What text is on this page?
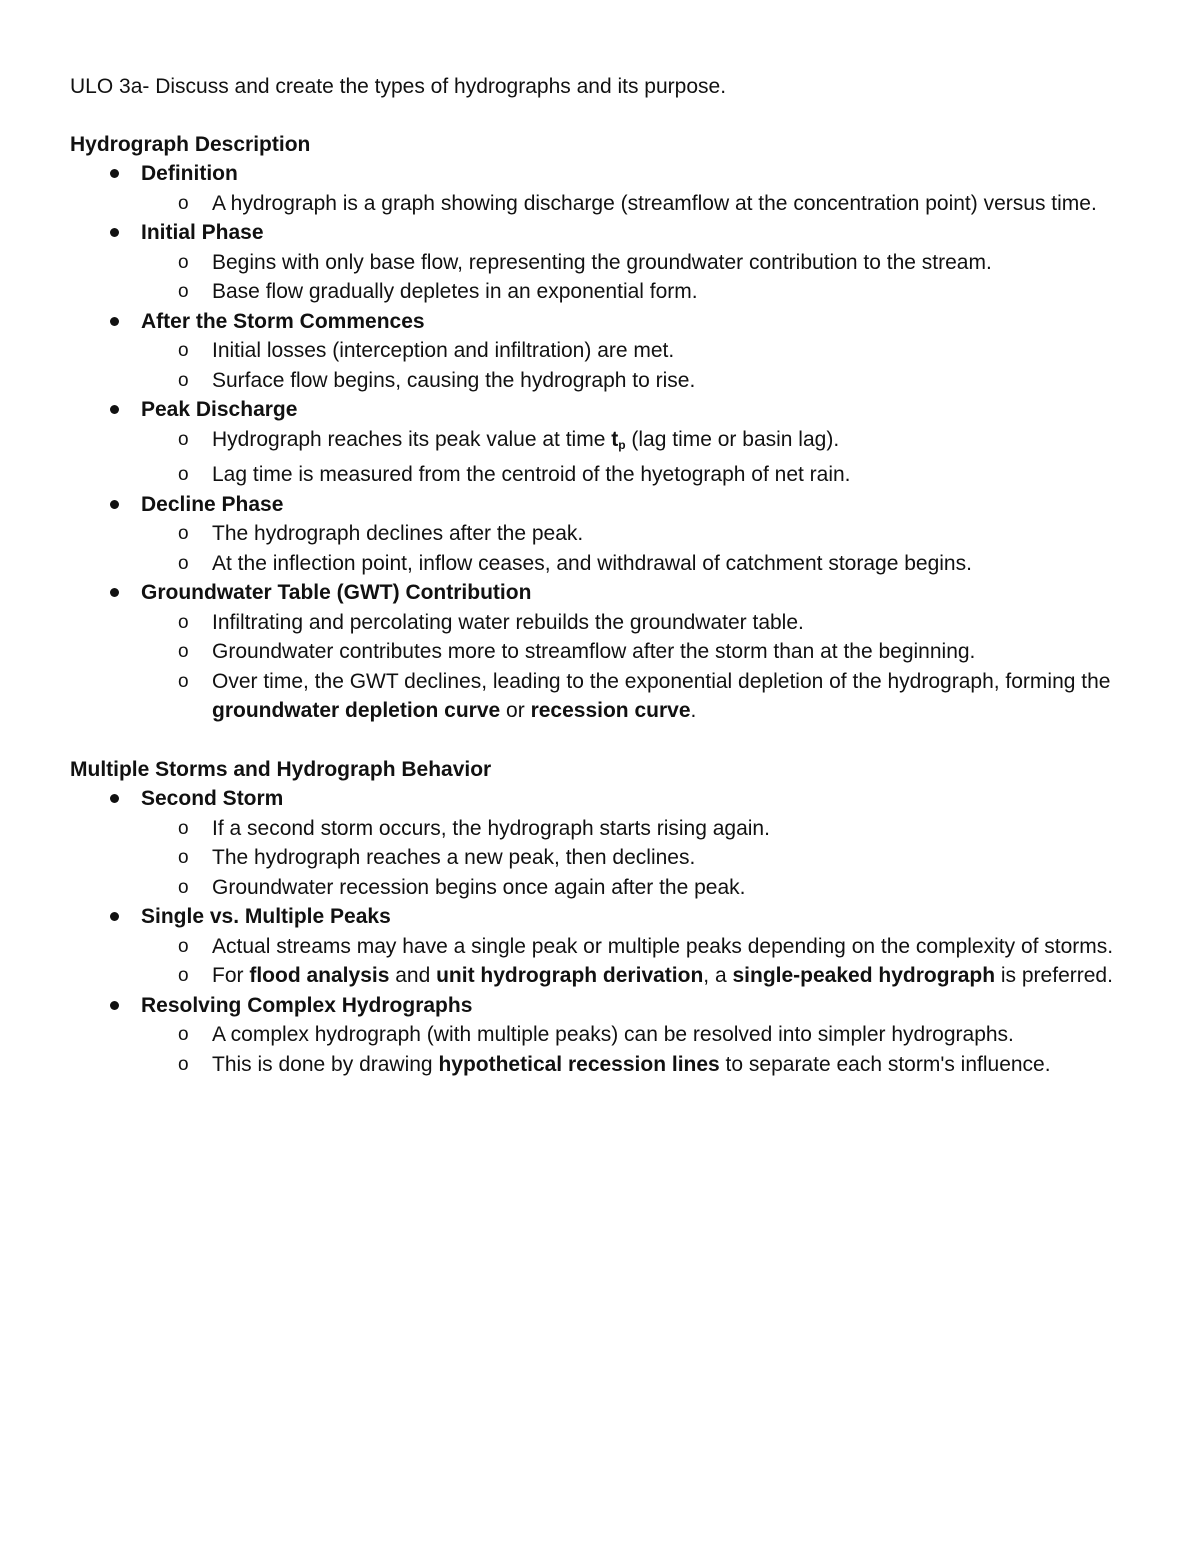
ULO 3a- Discuss and create the types of hydrographs and its purpose.
Hydrograph Description
Definition
o A hydrograph is a graph showing discharge (streamflow at the concentration point) versus time.
Initial Phase
o Begins with only base flow, representing the groundwater contribution to the stream.
o Base flow gradually depletes in an exponential form.
After the Storm Commences
o Initial losses (interception and infiltration) are met.
o Surface flow begins, causing the hydrograph to rise.
Peak Discharge
o Hydrograph reaches its peak value at time $t_p$ (lag time or basin lag).
o Lag time is measured from the centroid of the hyetograph of net rain.
Decline Phase
o The hydrograph declines after the peak.
o At the inflection point, inflow ceases, and withdrawal of catchment storage begins.
Groundwater Table (GWT) Contribution
o Infiltrating and percolating water rebuilds the groundwater table.
o Groundwater contributes more to streamflow after the storm than at the beginning.
o Over time, the GWT declines, leading to the exponential depletion of the hydrograph, forming the groundwater depletion curve or recession curve.
Multiple Storms and Hydrograph Behavior
Second Storm
o If a second storm occurs, the hydrograph starts rising again.
o The hydrograph reaches a new peak, then declines.
o Groundwater recession begins once again after the peak.
Single vs. Multiple Peaks
o Actual streams may have a single peak or multiple peaks depending on the complexity of storms.
o For flood analysis and unit hydrograph derivation, a single-peaked hydrograph is preferred.
Resolving Complex Hydrographs
o A complex hydrograph (with multiple peaks) can be resolved into simpler hydrographs.
o This is done by drawing hypothetical recession lines to separate each storm's influence.
